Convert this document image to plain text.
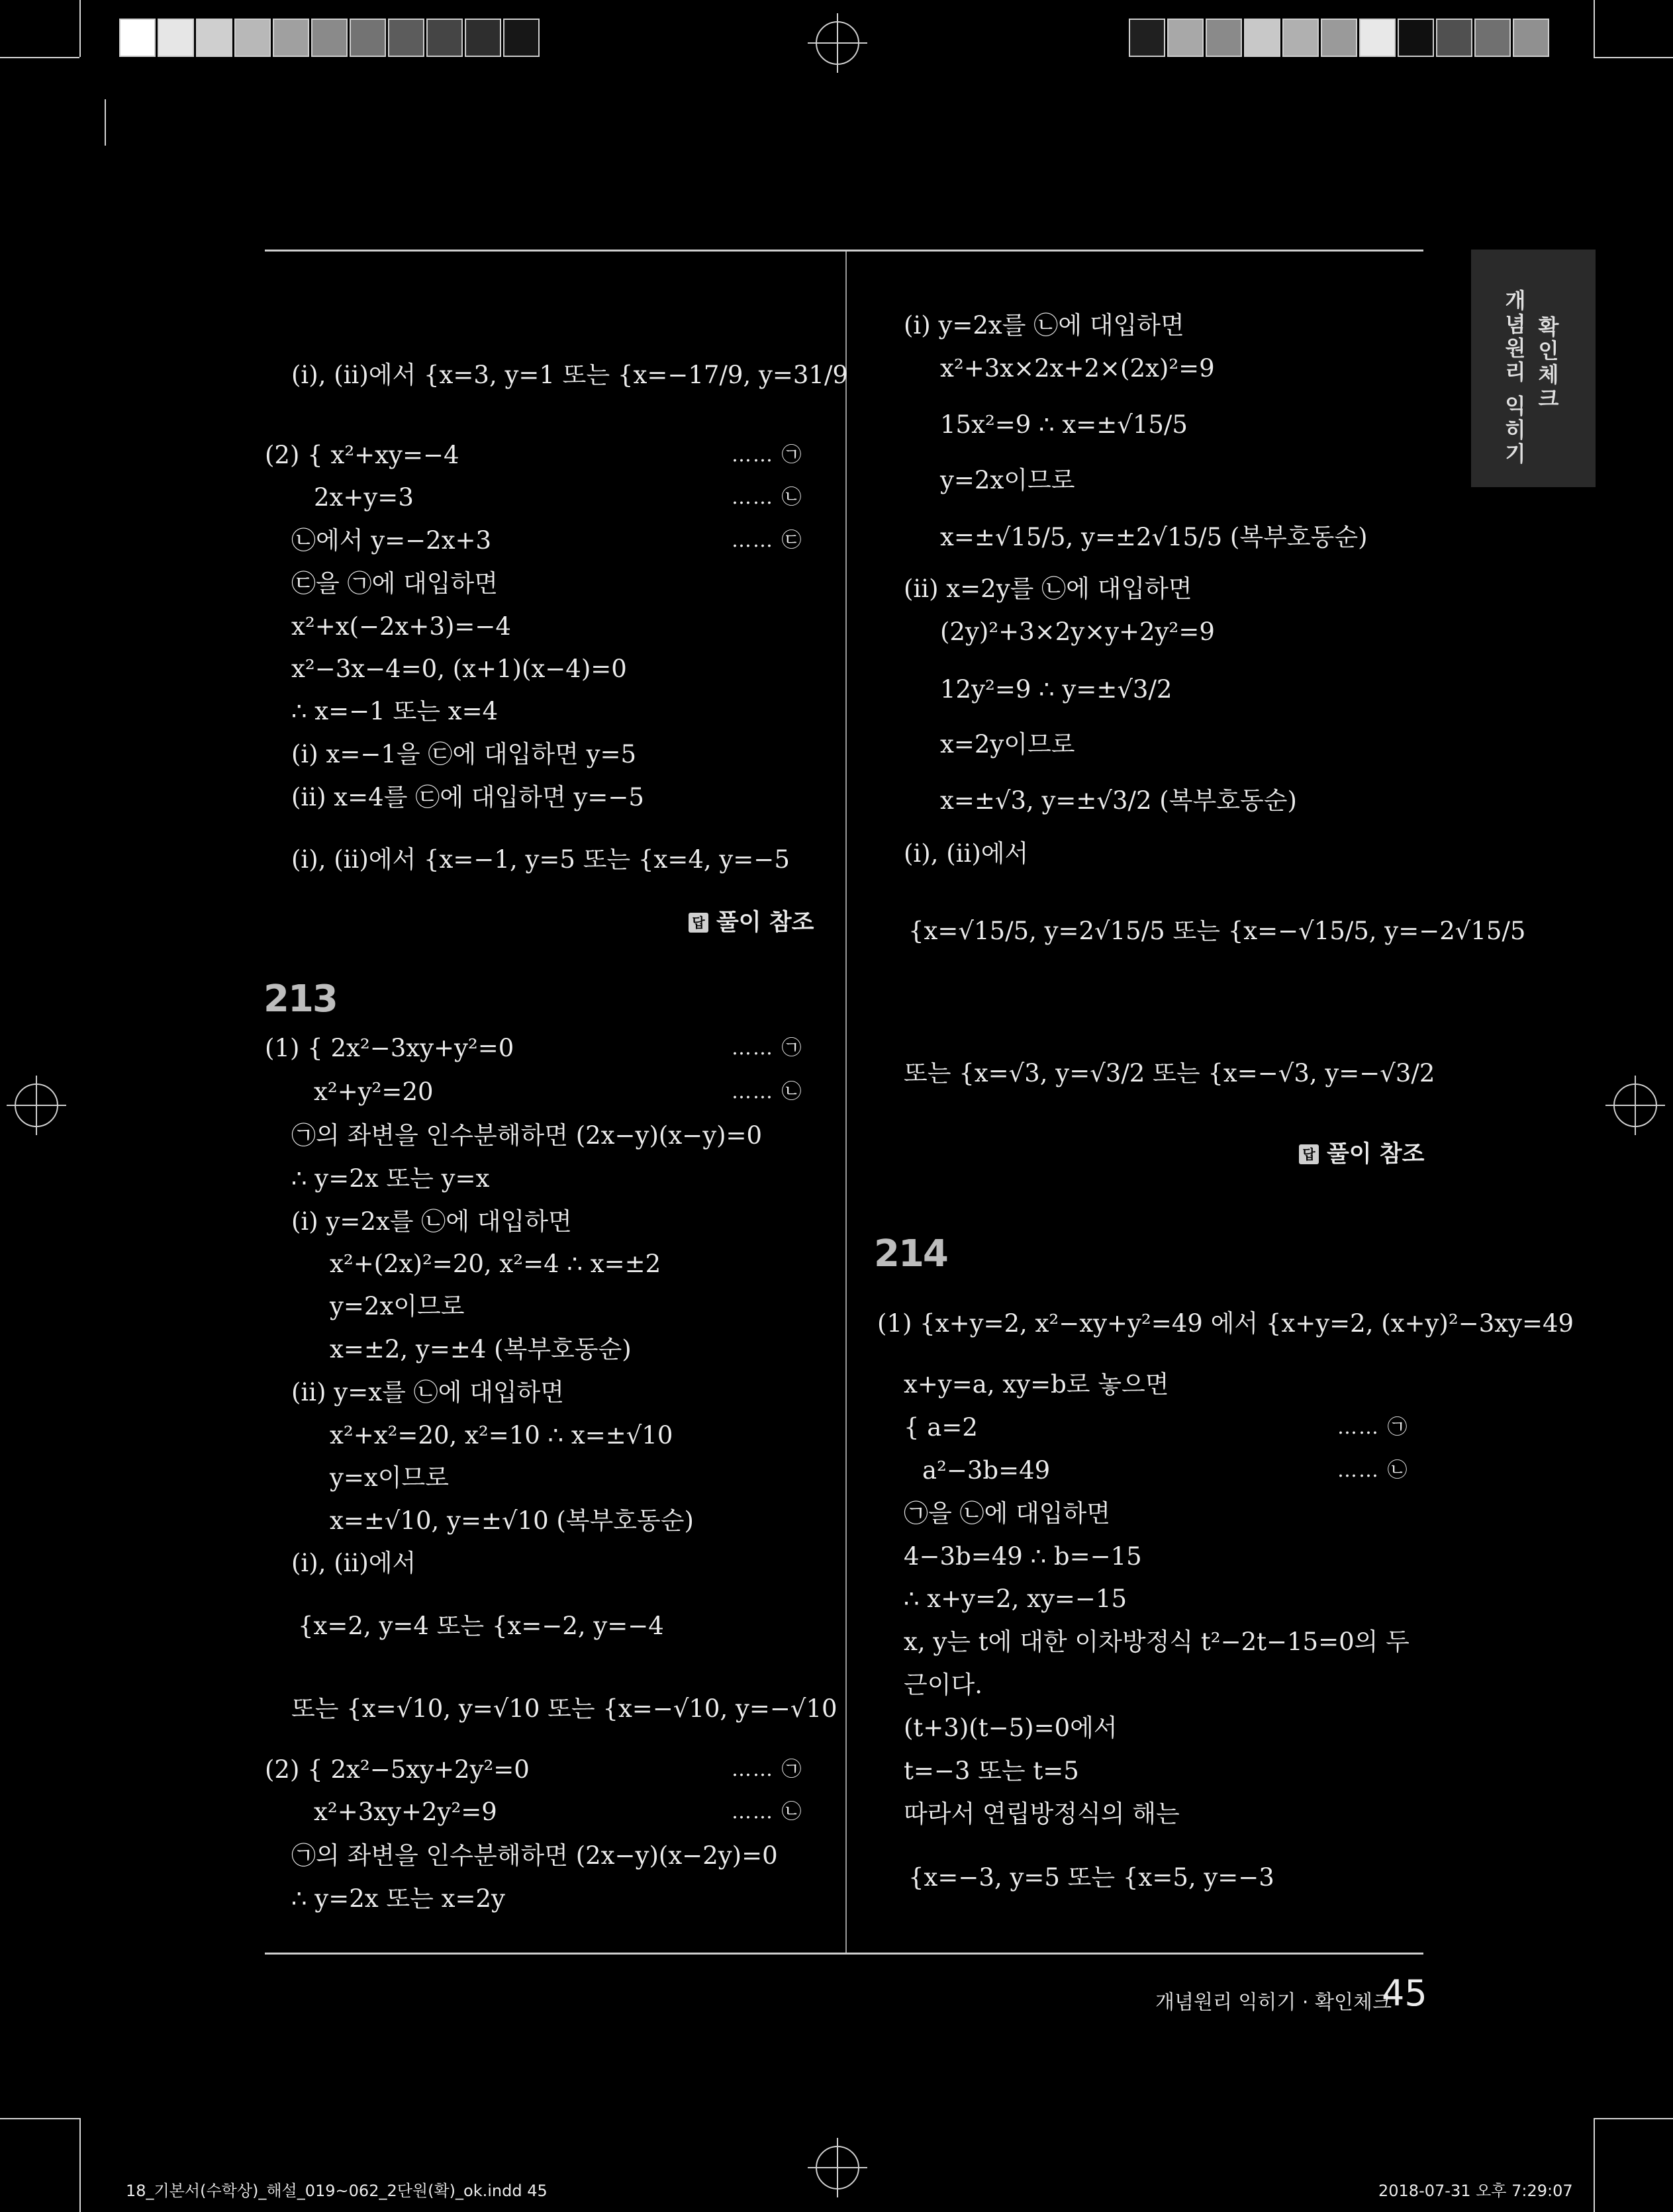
개념원리 익히기 확인체크
(ⅰ), (ⅱ)에서 {x=3, y=1 또는 {x=−17/9, y=31/9
(2) { x²+xy=−4
2x+y=3
㉡에서 y=−2x+3
㉢을 ㉠에 대입하면
x²+x(−2x+3)=−4
x²−3x−4=0, (x+1)(x−4)=0
∴ x=−1 또는 x=4
(ⅰ) x=−1을 ㉢에 대입하면 y=5
(ⅱ) x=4를 ㉢에 대입하면 y=−5
(ⅰ), (ⅱ)에서 {x=−1, y=5 또는 {x=4, y=−5
(1) { 2x²−3xy+y²=0
x²+y²=20
㉠의 좌변을 인수분해하면 (2x−y)(x−y)=0
∴ y=2x 또는 y=x
(ⅰ) y=2x를 ㉡에 대입하면
x²+(2x)²=20, x²=4 ∴ x=±2
y=2x이므로
x=±2, y=±4 (복부호동순)
(ⅱ) y=x를 ㉡에 대입하면
x²+x²=20, x²=10 ∴ x=±√10
y=x이므로
x=±√10, y=±√10 (복부호동순)
(ⅰ), (ⅱ)에서
{x=2, y=4 또는 {x=−2, y=−4
또는 {x=√10, y=√10 또는 {x=−√10, y=−√10
(2) { 2x²−5xy+2y²=0
x²+3xy+2y²=9
㉠의 좌변을 인수분해하면 (2x−y)(x−2y)=0
∴ y=2x 또는 x=2y
…… ㉠
…… ㉡
…… ㉢
…… ㉠
…… ㉡
…… ㉠
…… ㉡
(ⅰ) y=2x를 ㉡에 대입하면
x²+3x×2x+2×(2x)²=9
15x²=9 ∴ x=±√15/5
y=2x이므로
x=±√15/5, y=±2√15/5 (복부호동순)
(ⅱ) x=2y를 ㉡에 대입하면
(2y)²+3×2y×y+2y²=9
12y²=9 ∴ y=±√3/2
x=2y이므로
x=±√3, y=±√3/2 (복부호동순)
(ⅰ), (ⅱ)에서
{x=√15/5, y=2√15/5 또는 {x=−√15/5, y=−2√15/5
또는 {x=√3, y=√3/2 또는 {x=−√3, y=−√3/2
(1) {x+y=2, x²−xy+y²=49 에서 {x+y=2, (x+y)²−3xy=49
x+y=a, xy=b로 놓으면
{ a=2
a²−3b=49
㉠을 ㉡에 대입하면
4−3b=49 ∴ b=−15
∴ x+y=2, xy=−15
x, y는 t에 대한 이차방정식 t²−2t−15=0의 두
근이다.
(t+3)(t−5)=0에서
t=−3 또는 t=5
따라서 연립방정식의 해는
{x=−3, y=5 또는 {x=5, y=−3
…… ㉠
…… ㉡
213
214
답 풀이 참조
답 풀이 참조
개념원리 익히기 · 확인체크
45
18_기본서(수학상)_해설_019~062_2단원(확)_ok.indd 45	2018-07-31 오후 7:29:07
